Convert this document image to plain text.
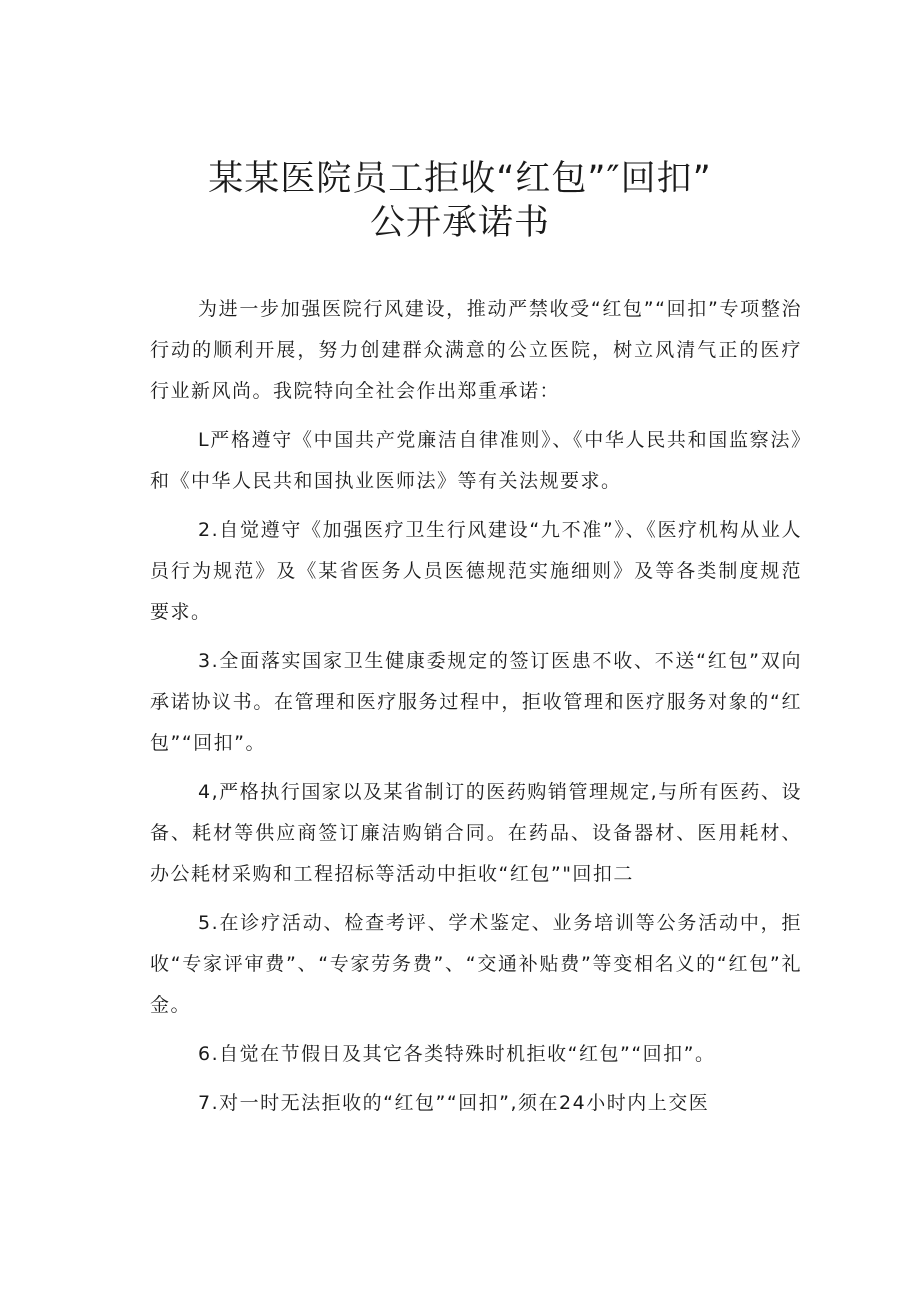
某某医院员工拒收“红包”″回扣”
公开承诺书

为进一步加强医院行风建设，推动严禁收受“红包”“回扣”专项整治行动的顺利开展，努力创建群众满意的公立医院，树立风清气正的医疗行业新风尚。我院特向全社会作出郑重承诺：

L严格遵守《中国共产党廉洁自律准则》、《中华人民共和国监察法》和《中华人民共和国执业医师法》等有关法规要求。

2.自觉遵守《加强医疗卫生行风建设“九不准”》、《医疗机构从业人员行为规范》及《某省医务人员医德规范实施细则》及等各类制度规范要求。

3.全面落实国家卫生健康委规定的签订医患不收、不送“红包”双向承诺协议书。在管理和医疗服务过程中，拒收管理和医疗服务对象的“红包”“回扣”。

4,严格执行国家以及某省制订的医药购销管理规定,与所有医药、设备、耗材等供应商签订廉洁购销合同。在药品、设备器材、医用耗材、办公耗材采购和工程招标等活动中拒收“红包”"回扣二

5.在诊疗活动、检查考评、学术鉴定、业务培训等公务活动中，拒收“专家评审费”、“专家劳务费”、“交通补贴费”等变相名义的“红包”礼金。

6.自觉在节假日及其它各类特殊时机拒收“红包”“回扣”。

7.对一时无法拒收的“红包”“回扣”,须在24小时内上交医
